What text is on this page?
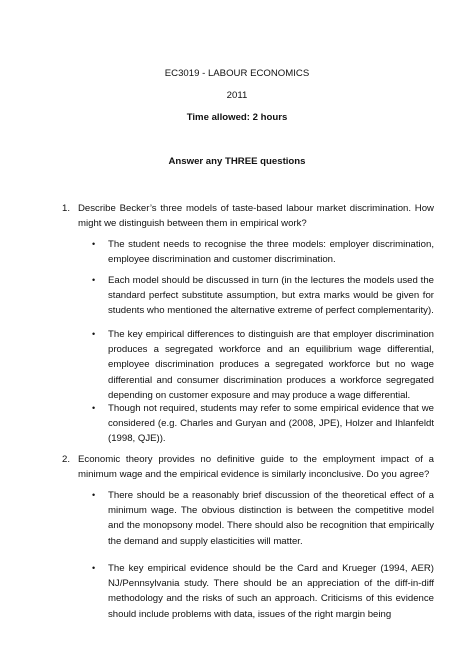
EC3019 - LABOUR ECONOMICS
2011
Time allowed: 2 hours
Answer any THREE questions
1. Describe Becker’s three models of taste-based labour market discrimination. How might we distinguish between them in empirical work?
• The student needs to recognise the three models: employer discrimination, employee discrimination and customer discrimination.
• Each model should be discussed in turn (in the lectures the models used the standard perfect substitute assumption, but extra marks would be given for students who mentioned the alternative extreme of perfect complementarity).
• The key empirical differences to distinguish are that employer discrimination produces a segregated workforce and an equilibrium wage differential, employee discrimination produces a segregated workforce but no wage differential and consumer discrimination produces a workforce segregated depending on customer exposure and may produce a wage differential.
• Though not required, students may refer to some empirical evidence that we considered (e.g. Charles and Guryan and (2008, JPE), Holzer and Ihlanfeldt (1998, QJE)).
2. Economic theory provides no definitive guide to the employment impact of a minimum wage and the empirical evidence is similarly inconclusive. Do you agree?
• There should be a reasonably brief discussion of the theoretical effect of a minimum wage. The obvious distinction is between the competitive model and the monopsony model. There should also be recognition that empirically the demand and supply elasticities will matter.
• The key empirical evidence should be the Card and Krueger (1994, AER) NJ/Pennsylvania study. There should be an appreciation of the diff-in-diff methodology and the risks of such an approach. Criticisms of this evidence should include problems with data, issues of the right margin being
